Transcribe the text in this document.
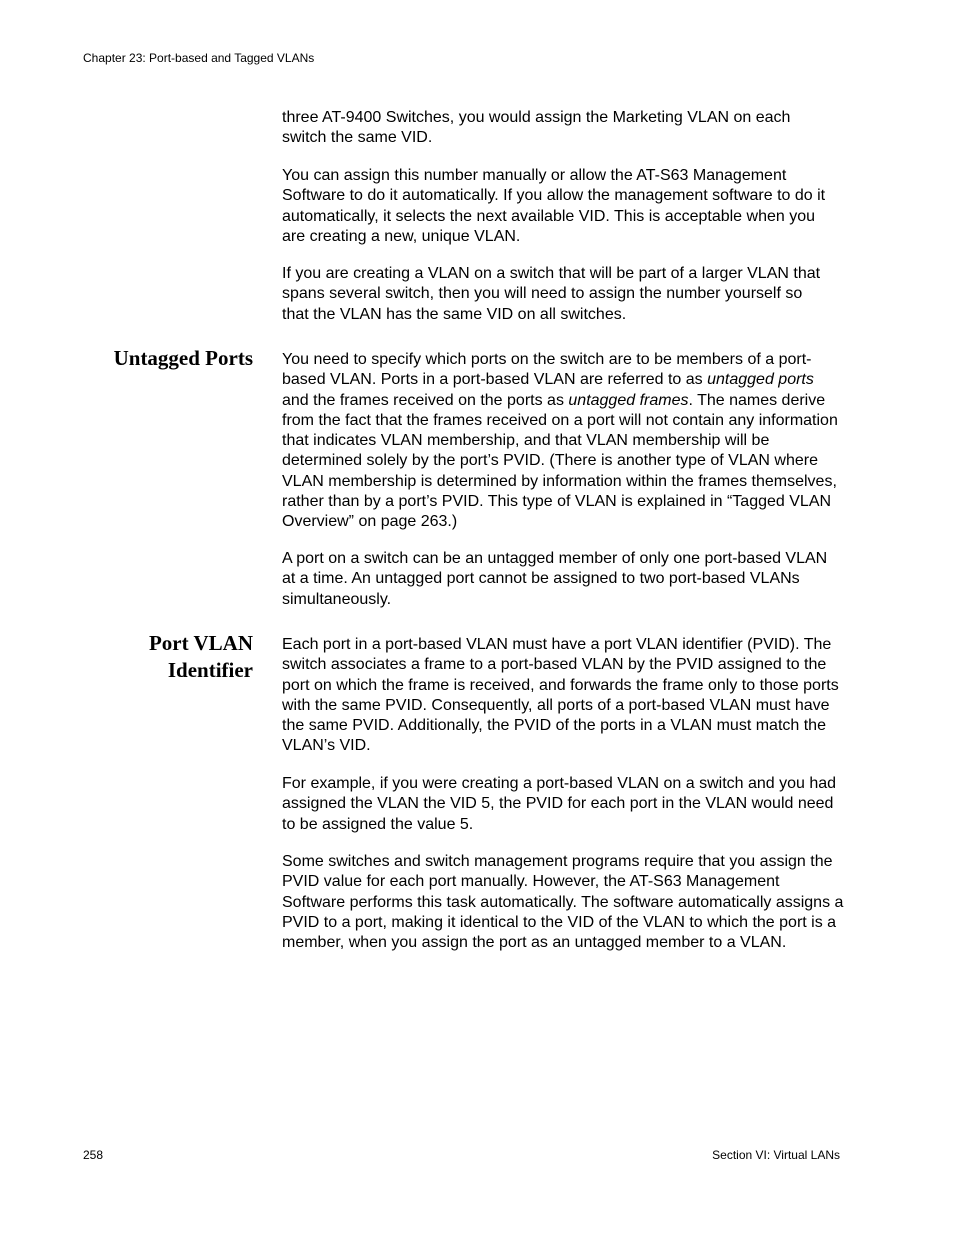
Chapter 23: Port-based and Tagged VLANs

three AT-9400 Switches, you would assign the Marketing VLAN on each switch the same VID.

You can assign this number manually or allow the AT-S63 Management Software to do it automatically. If you allow the management software to do it automatically, it selects the next available VID. This is acceptable when you are creating a new, unique VLAN.

If you are creating a VLAN on a switch that will be part of a larger VLAN that spans several switch, then you will need to assign the number yourself so that the VLAN has the same VID on all switches.

Untagged Ports You need to specify which ports on the switch are to be members of a port-based VLAN. Ports in a port-based VLAN are referred to as untagged ports and the frames received on the ports as untagged frames. The names derive from the fact that the frames received on a port will not contain any information that indicates VLAN membership, and that VLAN membership will be determined solely by the port’s PVID. (There is another type of VLAN where VLAN membership is determined by information within the frames themselves, rather than by a port’s PVID. This type of VLAN is explained in “Tagged VLAN Overview” on page 263.)

A port on a switch can be an untagged member of only one port-based VLAN at a time. An untagged port cannot be assigned to two port-based VLANs simultaneously.

Port VLAN
Identifier

Each port in a port-based VLAN must have a port VLAN identifier (PVID). The switch associates a frame to a port-based VLAN by the PVID assigned to the port on which the frame is received, and forwards the frame only to those ports with the same PVID. Consequently, all ports of a port-based VLAN must have the same PVID. Additionally, the PVID of the ports in a VLAN must match the VLAN’s VID.

For example, if you were creating a port-based VLAN on a switch and you had assigned the VLAN the VID 5, the PVID for each port in the VLAN would need to be assigned the value 5.

Some switches and switch management programs require that you assign the PVID value for each port manually. However, the AT-S63 Management Software performs this task automatically. The software automatically assigns a PVID to a port, making it identical to the VID of the VLAN to which the port is a member, when you assign the port as an untagged member to a VLAN.

258	Section VI: Virtual LANs
